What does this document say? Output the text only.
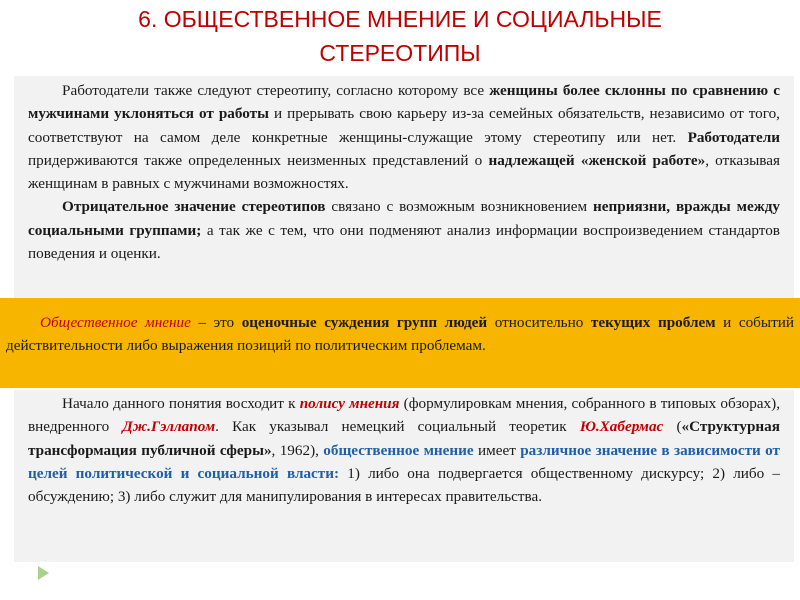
6. ОБЩЕСТВЕННОЕ МНЕНИЕ И СОЦИАЛЬНЫЕ
СТЕРЕОТИПЫ

Работодатели также следуют стереотипу, согласно которому все женщины более склонны по сравнению с мужчинами уклоняться от работы и прерывать свою карьеру из-за семейных обязательств, независимо от того, соответствуют на самом деле конкретные женщины-служащие этому стереотипу или нет. Работодатели придерживаются также определенных неизменных представлений о надлежащей «женской работе», отказывая женщинам в равных с мужчинами возможностях.

Отрицательное значение стереотипов связано с возможным возникновением неприязни, вражды между социальными группами; а так же с тем, что они подменяют анализ информации воспроизведением стандартов поведения и оценки.

Общественное мнение – это оценочные суждения групп людей относительно текущих проблем и событий действительности либо выражения позиций по политическим проблемам.

Начало данного понятия восходит к полису мнения (формулировкам мнения, собранного в типовых обзорах), внедренного Дж.Гэллапом. Как указывал немецкий социальный теоретик Ю.Хабермас («Структурная трансформация публичной сферы», 1962), общественное мнение имеет различное значение в зависимости от целей политической и социальной власти: 1) либо она подвергается общественному дискурсу; 2) либо – обсуждению; 3) либо служит для манипулирования в интересах правительства.
